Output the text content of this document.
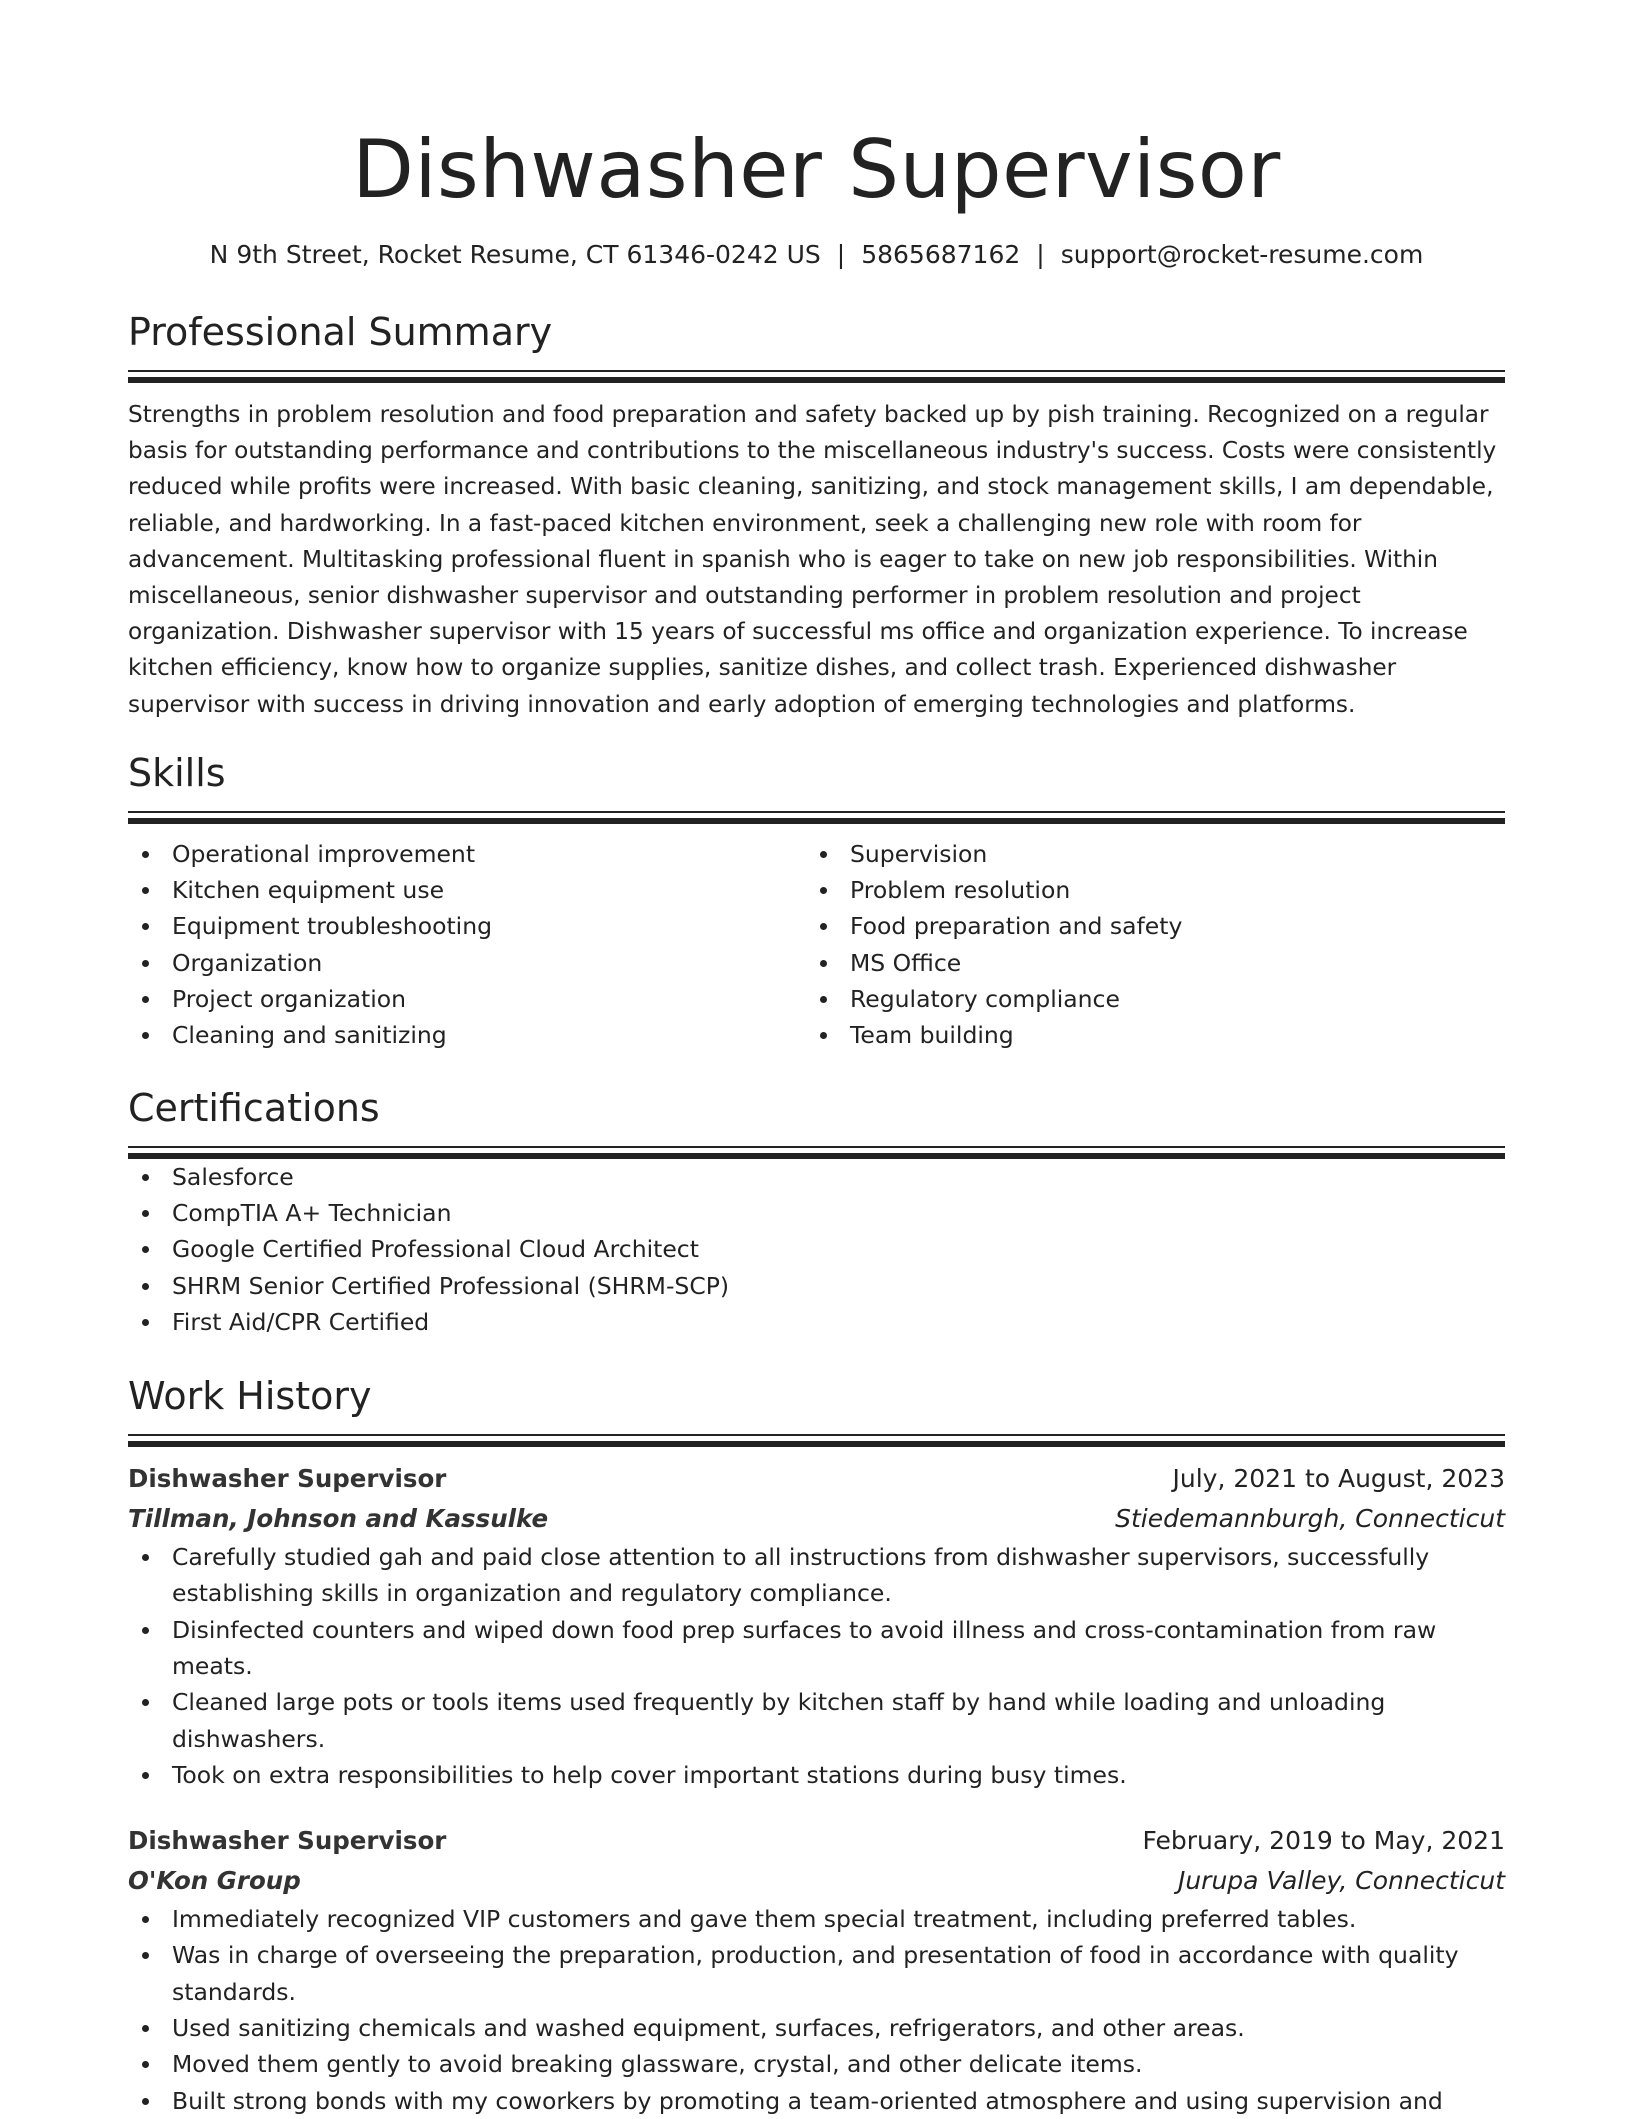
Dishwasher Supervisor
N 9th Street, Rocket Resume, CT 61346-0242 US | 5865687162 | support@rocket-resume.com
Professional Summary

Strengths in problem resolution and food preparation and safety backed up by pish training. Recognized on a regular basis for outstanding performance and contributions to the miscellaneous industry's success. Costs were consistently reduced while profits were increased. With basic cleaning, sanitizing, and stock management skills, I am dependable, reliable, and hardworking. In a fast-paced kitchen environment, seek a challenging new role with room for advancement. Multitasking professional fluent in spanish who is eager to take on new job responsibilities. Within miscellaneous, senior dishwasher supervisor and outstanding performer in problem resolution and project organization. Dishwasher supervisor with 15 years of successful ms office and organization experience. To increase kitchen efficiency, know how to organize supplies, sanitize dishes, and collect trash. Experienced dishwasher supervisor with success in driving innovation and early adoption of emerging technologies and platforms.

Skills
Operational improvement
Kitchen equipment use
Equipment troubleshooting
Organization
Project organization
Cleaning and sanitizing
Supervision
Problem resolution
Food preparation and safety
MS Office
Regulatory compliance
Team building
Certifications
Salesforce
CompTIA A+ Technician
Google Certified Professional Cloud Architect
SHRM Senior Certified Professional (SHRM-SCP)
First Aid/CPR Certified
Work History
Dishwasher Supervisor	July, 2021 to August, 2023
Tillman, Johnson and Kassulke	Stiedemannburgh, Connecticut
Carefully studied gah and paid close attention to all instructions from dishwasher supervisors, successfully establishing skills in organization and regulatory compliance.
Disinfected counters and wiped down food prep surfaces to avoid illness and cross-contamination from raw meats.
Cleaned large pots or tools items used frequently by kitchen staff by hand while loading and unloading dishwashers.
Took on extra responsibilities to help cover important stations during busy times.
Dishwasher Supervisor	February, 2019 to May, 2021
O'Kon Group	Jurupa Valley, Connecticut
Immediately recognized VIP customers and gave them special treatment, including preferred tables.
Was in charge of overseeing the preparation, production, and presentation of food in accordance with quality standards.
Used sanitizing chemicals and washed equipment, surfaces, refrigerators, and other areas.
Moved them gently to avoid breaking glassware, crystal, and other delicate items.
Built strong bonds with my coworkers by promoting a team-oriented atmosphere and using supervision and
